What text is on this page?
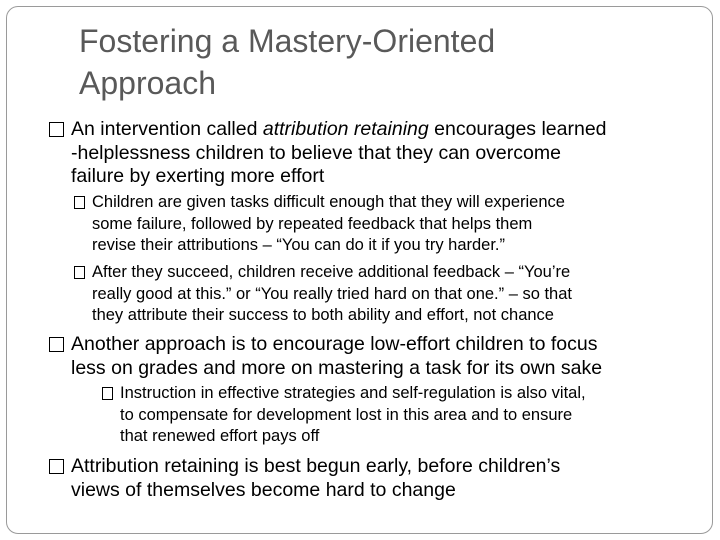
Fostering a Mastery-Oriented
Approach
An intervention called attribution retaining encourages learned
-helplessness children to believe that they can overcome
failure by exerting more effort
Children are given tasks difficult enough that they will experience
some failure, followed by repeated feedback that helps them
revise their attributions – “You can do it if you try harder.”
After they succeed, children receive additional feedback – “You’re
really good at this.” or “You really tried hard on that one.” – so that
they attribute their success to both ability and effort, not chance
Another approach is to encourage low-effort children to focus
less on grades and more on mastering a task for its own sake
Instruction in effective strategies and self-regulation is also vital,
to compensate for development lost in this area and to ensure
that renewed effort pays off
Attribution retaining is best begun early, before children’s
views of themselves become hard to change
